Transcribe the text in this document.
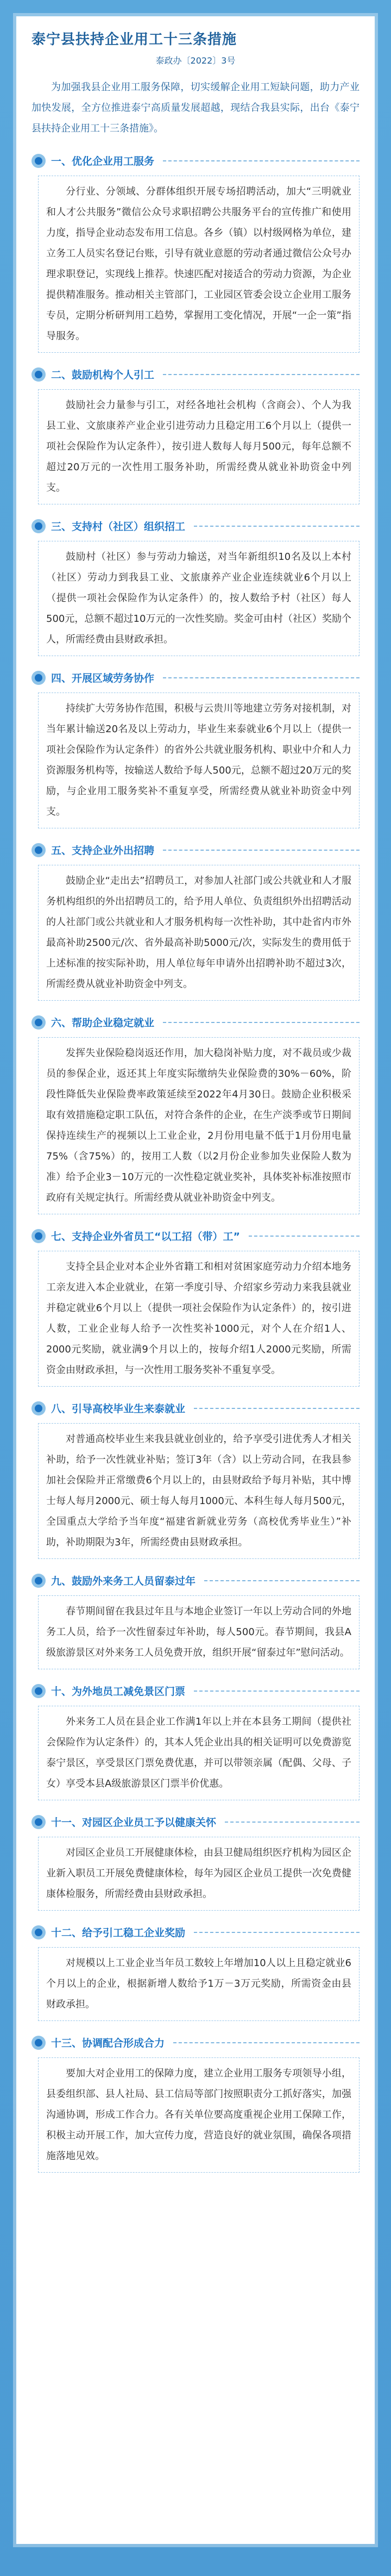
泰宁县扶持企业用工十三条措施
泰政办〔2022〕3号

为加强我县企业用工服务保障，切实缓解企业用工短缺问题，助力产业加快发展，全方位推进泰宁高质量发展超越，现结合我县实际，出台《泰宁县扶持企业用工十三条措施》。

一、优化企业用工服务

分行业、分领域、分群体组织开展专场招聘活动，加大“三明就业和人才公共服务”微信公众号求职招聘公共服务平台的宣传推广和使用力度，指导企业动态发布用工信息。各乡（镇）以村级网格为单位，建立务工人员实名登记台账，引导有就业意愿的劳动者通过微信公众号办理求职登记，实现线上推荐。快速匹配对接适合的劳动力资源，为企业提供精准服务。推动相关主管部门，工业园区管委会设立企业用工服务专员，定期分析研判用工趋势，掌握用工变化情况，开展“一企一策”指导服务。

二、鼓励机构个人引工

鼓励社会力量参与引工，对经各地社会机构（含商会）、个人为我县工业、文旅康养产业企业引进劳动力且稳定用工6个月以上（提供一项社会保险作为认定条件），按引进人数每人每月500元，每年总额不超过20万元的一次性用工服务补助，所需经费从就业补助资金中列支。

三、支持村（社区）组织招工

鼓励村（社区）参与劳动力输送，对当年新组织10名及以上本村（社区）劳动力到我县工业、文旅康养产业企业连续就业6个月以上（提供一项社会保险作为认定条件）的，按人数给予村（社区）每人500元，总额不超过10万元的一次性奖励。奖金可由村（社区）奖励个人，所需经费由县财政承担。

四、开展区域劳务协作

持续扩大劳务协作范围，积极与云贵川等地建立劳务对接机制，对当年累计输送20名及以上劳动力，毕业生来泰就业6个月以上（提供一项社会保险作为认定条件）的省外公共就业服务机构、职业中介和人力资源服务机构等，按输送人数给予每人500元，总额不超过20万元的奖励，与企业用工服务奖补不重复享受，所需经费从就业补助资金中列支。

五、支持企业外出招聘

鼓励企业“走出去”招聘员工，对参加人社部门或公共就业和人才服务机构组织的外出招聘员工的，给予用人单位、负责组织外出招聘活动的人社部门或公共就业和人才服务机构每一次性补助，其中赴省内市外最高补助2500元/次、省外最高补助5000元/次，实际发生的费用低于上述标准的按实际补助，用人单位每年申请外出招聘补助不超过3次，所需经费从就业补助资金中列支。

六、帮助企业稳定就业

发挥失业保险稳岗返还作用，加大稳岗补贴力度，对不裁员或少裁员的参保企业，返还其上年度实际缴纳失业保险费的30%－60%，阶段性降低失业保险费率政策延续至2022年4月30日。鼓励企业积极采取有效措施稳定职工队伍，对符合条件的企业，在生产淡季或节日期间保持连续生产的视频以上工业企业，2月份用电量不低于1月份用电量75%（含75%）的，按用工人数（以2月份企业参加失业保险人数为准）给予企业3－10万元的一次性稳定就业奖补，具体奖补标准按照市政府有关规定执行。所需经费从就业补助资金中列支。

七、支持企业外省员工“以工招（带）工”

支持全县企业对本企业外省籍工和相对贫困家庭劳动力介绍本地务工亲友进入本企业就业，在第一季度引导、介绍家乡劳动力来我县就业并稳定就业6个月以上（提供一项社会保险作为认定条件）的，按引进人数，工业企业每人给予一次性奖补1000元，对个人在介绍1人、2000元奖励，就业满9个月以上的，按每介绍1人2000元奖励，所需资金由财政承担，与一次性用工服务奖补不重复享受。

八、引导高校毕业生来泰就业

对普通高校毕业生来我县就业创业的，给予享受引进优秀人才相关补助，给予一次性就业补贴；签订3年（含）以上劳动合同，在我县参加社会保险并正常缴费6个月以上的，由县财政给予每月补贴，其中博士每人每月2000元、硕士每人每月1000元、本科生每人每月500元，全国重点大学给予当年度“福建省新就业劳务（高校优秀毕业生）”补助，补助期限为3年，所需经费由县财政承担。

九、鼓励外来务工人员留泰过年

春节期间留在我县过年且与本地企业签订一年以上劳动合同的外地务工人员，给予一次性留泰过年补助，每人500元。春节期间，我县A级旅游景区对外来务工人员免费开放，组织开展“留泰过年”慰问活动。

十、为外地员工减免景区门票

外来务工人员在县企业工作满1年以上并在本县务工期间（提供社会保险作为认定条件）的，其本人凭企业出具的相关证明可以免费游览泰宁景区，享受景区门票免费优惠，并可以带领亲属（配偶、父母、子女）享受本县A级旅游景区门票半价优惠。

十一、对园区企业员工予以健康关怀

对园区企业员工开展健康体检，由县卫健局组织医疗机构为园区企业新入职员工开展免费健康体检，每年为园区企业员工提供一次免费健康体检服务，所需经费由县财政承担。

十二、给予引工稳工企业奖励

对规模以上工业企业当年员工数较上年增加10人以上且稳定就业6个月以上的企业，根据新增人数给予1万－3万元奖励，所需资金由县财政承担。

十三、协调配合形成合力

要加大对企业用工的保障力度，建立企业用工服务专项领导小组，县委组织部、县人社局、县工信局等部门按照职责分工抓好落实，加强沟通协调，形成工作合力。各有关单位要高度重视企业用工保障工作，积极主动开展工作，加大宣传力度，营造良好的就业氛围，确保各项措施落地见效。
